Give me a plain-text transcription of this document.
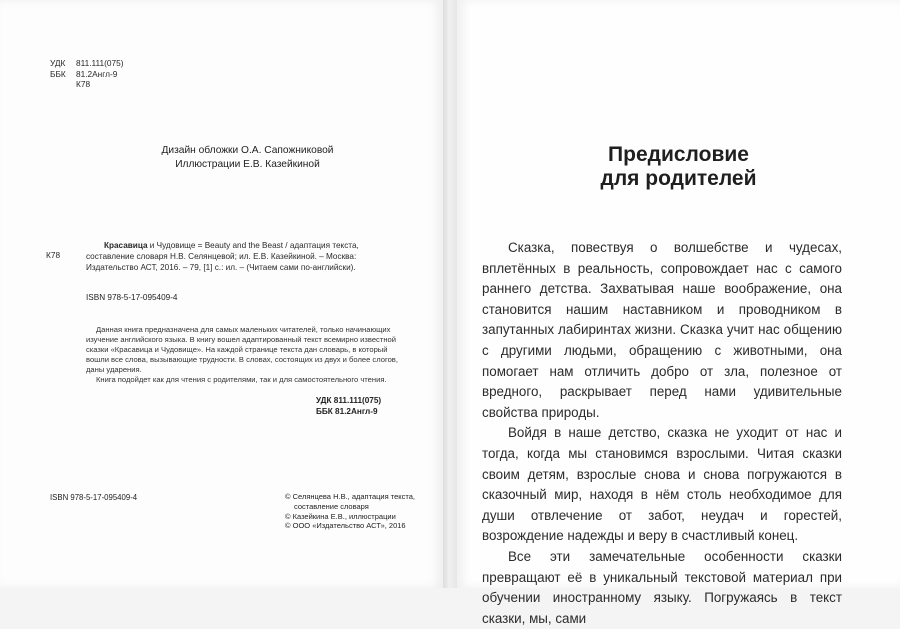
УДК	811.111(075)
ББК	81.2Англ-9
К78
Дизайн обложки О.А. Сапожниковой
Иллюстрации Е.В. Казейкиной
К78
Красавица и Чудовище = Beauty and the Beast / адаптация текста,
составление словаря Н.В. Селянцевой; ил. Е.В. Казейкиной. – Москва:
Издательство АСТ, 2016. – 79, [1] с.: ил. – (Читаем сами по-английски).
ISBN 978-5-17-095409-4
Данная книга предназначена для самых маленьких читателей, только начинающих
изучение английского языка. В книгу вошел адаптированный текст всемирно известной
сказки «Красавица и Чудовище». На каждой странице текста дан словарь, в который
вошли все слова, вызывающие трудности. В словах, состоящих из двух и более слогов,
даны ударения.
Книга подойдет как для чтения с родителями, так и для самостоятельного чтения.
УДК 811.111(075)
ББК 81.2Англ-9
ISBN 978-5-17-095409-4	© Селянцева Н.В., адаптация текста,
составление словаря
© Казейкина Е.В., иллюстрации
© ООО «Издательство АСТ», 2016
Предисловие
для родителей

Сказка, повествуя о волшебстве и чудесах, вплетённых в реальность, сопровождает нас с самого раннего детства. Захватывая наше воображение, она становится нашим наставником и проводником в запутанных лабиринтах жизни. Сказка учит нас общению с другими людьми, обращению с животными, она помогает нам отличить добро от зла, полезное от вредного, раскрывает перед нами удивительные свойства природы.

Войдя в наше детство, сказка не уходит от нас и тогда, когда мы становимся взрослыми. Читая сказки своим детям, взрослые снова и снова погружаются в сказочный мир, находя в нём столь необходимое для души отвлечение от забот, неудач и горестей, возрождение надежды и веру в счастливый конец.

Все эти замечательные особенности сказки превращают её в уникальный текстовой материал при обучении иностранному языку. Погружаясь в текст сказки, мы, сами
